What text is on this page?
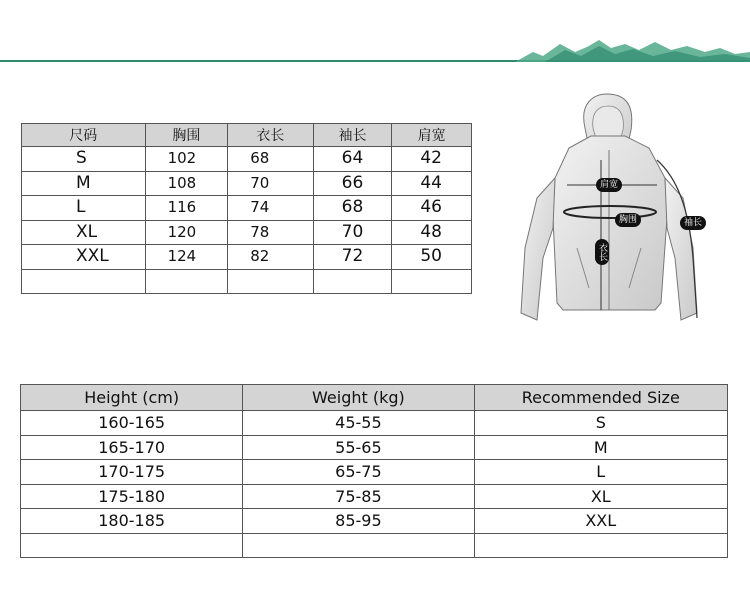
尺码	胸围	衣长	袖长	肩宽
S	102	68	64	42
M	108	70	66	44
L	116	74	68	46
XL	120	78	70	48
XXL	124	82	72	50

肩宽
胸围
衣长
袖长
Height (cm)	Weight (kg)	Recommended Size
160-165	45-55	S
165-170	55-65	M
170-175	65-75	L
175-180	75-85	XL
180-185	85-95	XXL
